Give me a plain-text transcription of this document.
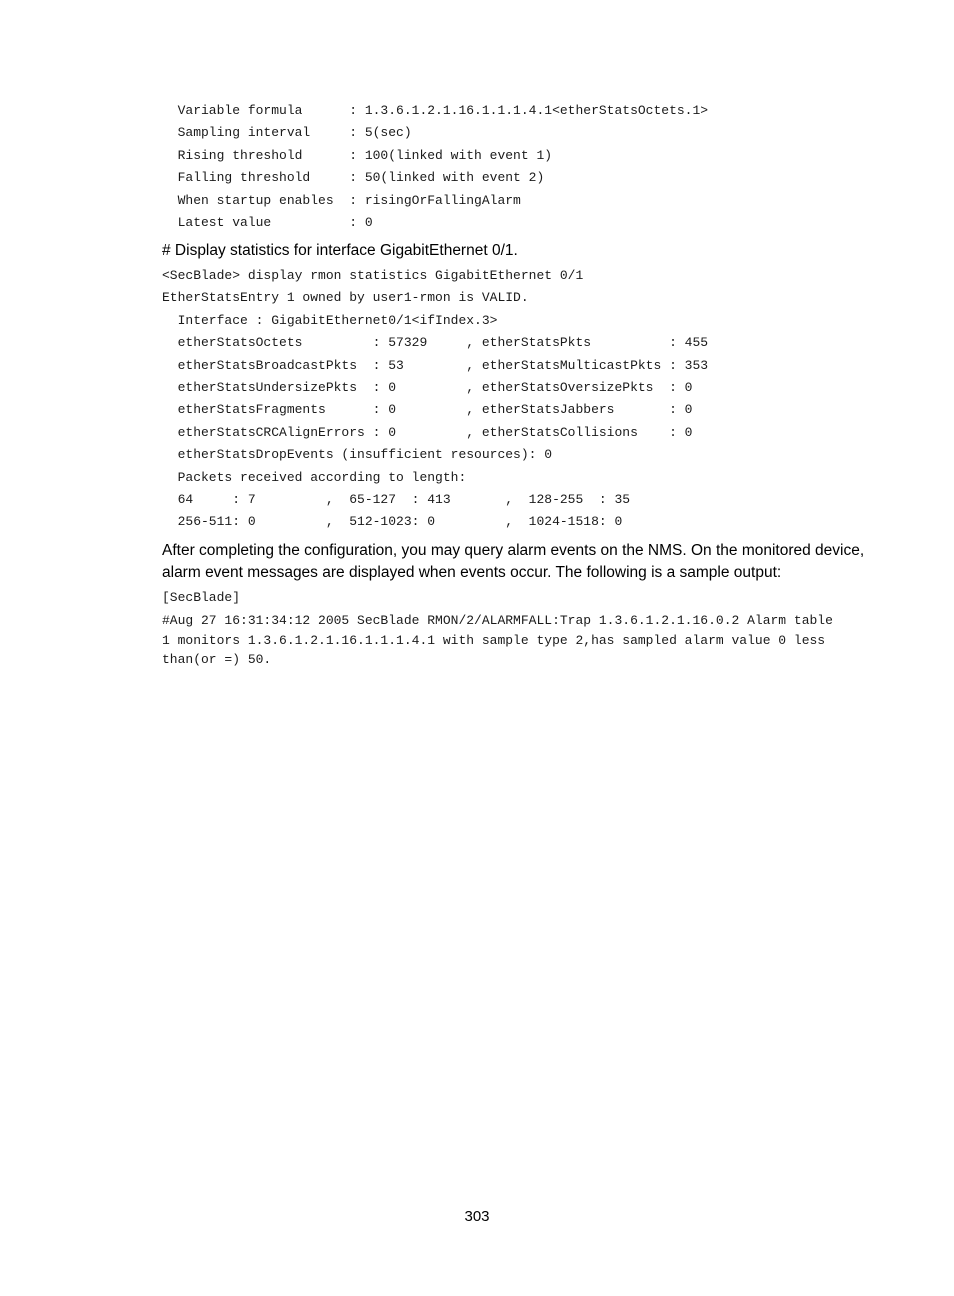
Variable formula      : 1.3.6.1.2.1.16.1.1.1.4.1<etherStatsOctets.1>
Sampling interval     : 5(sec)
Rising threshold      : 100(linked with event 1)
Falling threshold     : 50(linked with event 2)
When startup enables  : risingOrFallingAlarm
Latest value          : 0

# Display statistics for interface GigabitEthernet 0/1.

<SecBlade> display rmon statistics GigabitEthernet 0/1
EtherStatsEntry 1 owned by user1-rmon is VALID.
Interface : GigabitEthernet0/1<ifIndex.3>
etherStatsOctets         : 57329     , etherStatsPkts          : 455
etherStatsBroadcastPkts  : 53        , etherStatsMulticastPkts : 353
etherStatsUndersizePkts  : 0         , etherStatsOversizePkts  : 0
etherStatsFragments      : 0         , etherStatsJabbers       : 0
etherStatsCRCAlignErrors : 0         , etherStatsCollisions    : 0
etherStatsDropEvents (insufficient resources): 0
Packets received according to length:
64     : 7         ,  65-127  : 413       ,  128-255  : 35
256-511: 0         ,  512-1023: 0         ,  1024-1518: 0

After completing the configuration, you may query alarm events on the NMS. On the monitored device, alarm event messages are displayed when events occur. The following is a sample output:

[SecBlade]
#Aug 27 16:31:34:12 2005 SecBlade RMON/2/ALARMFALL:Trap 1.3.6.1.2.1.16.0.2 Alarm table
1 monitors 1.3.6.1.2.1.16.1.1.1.4.1 with sample type 2,has sampled alarm value 0 less
than(or =) 50.
303
